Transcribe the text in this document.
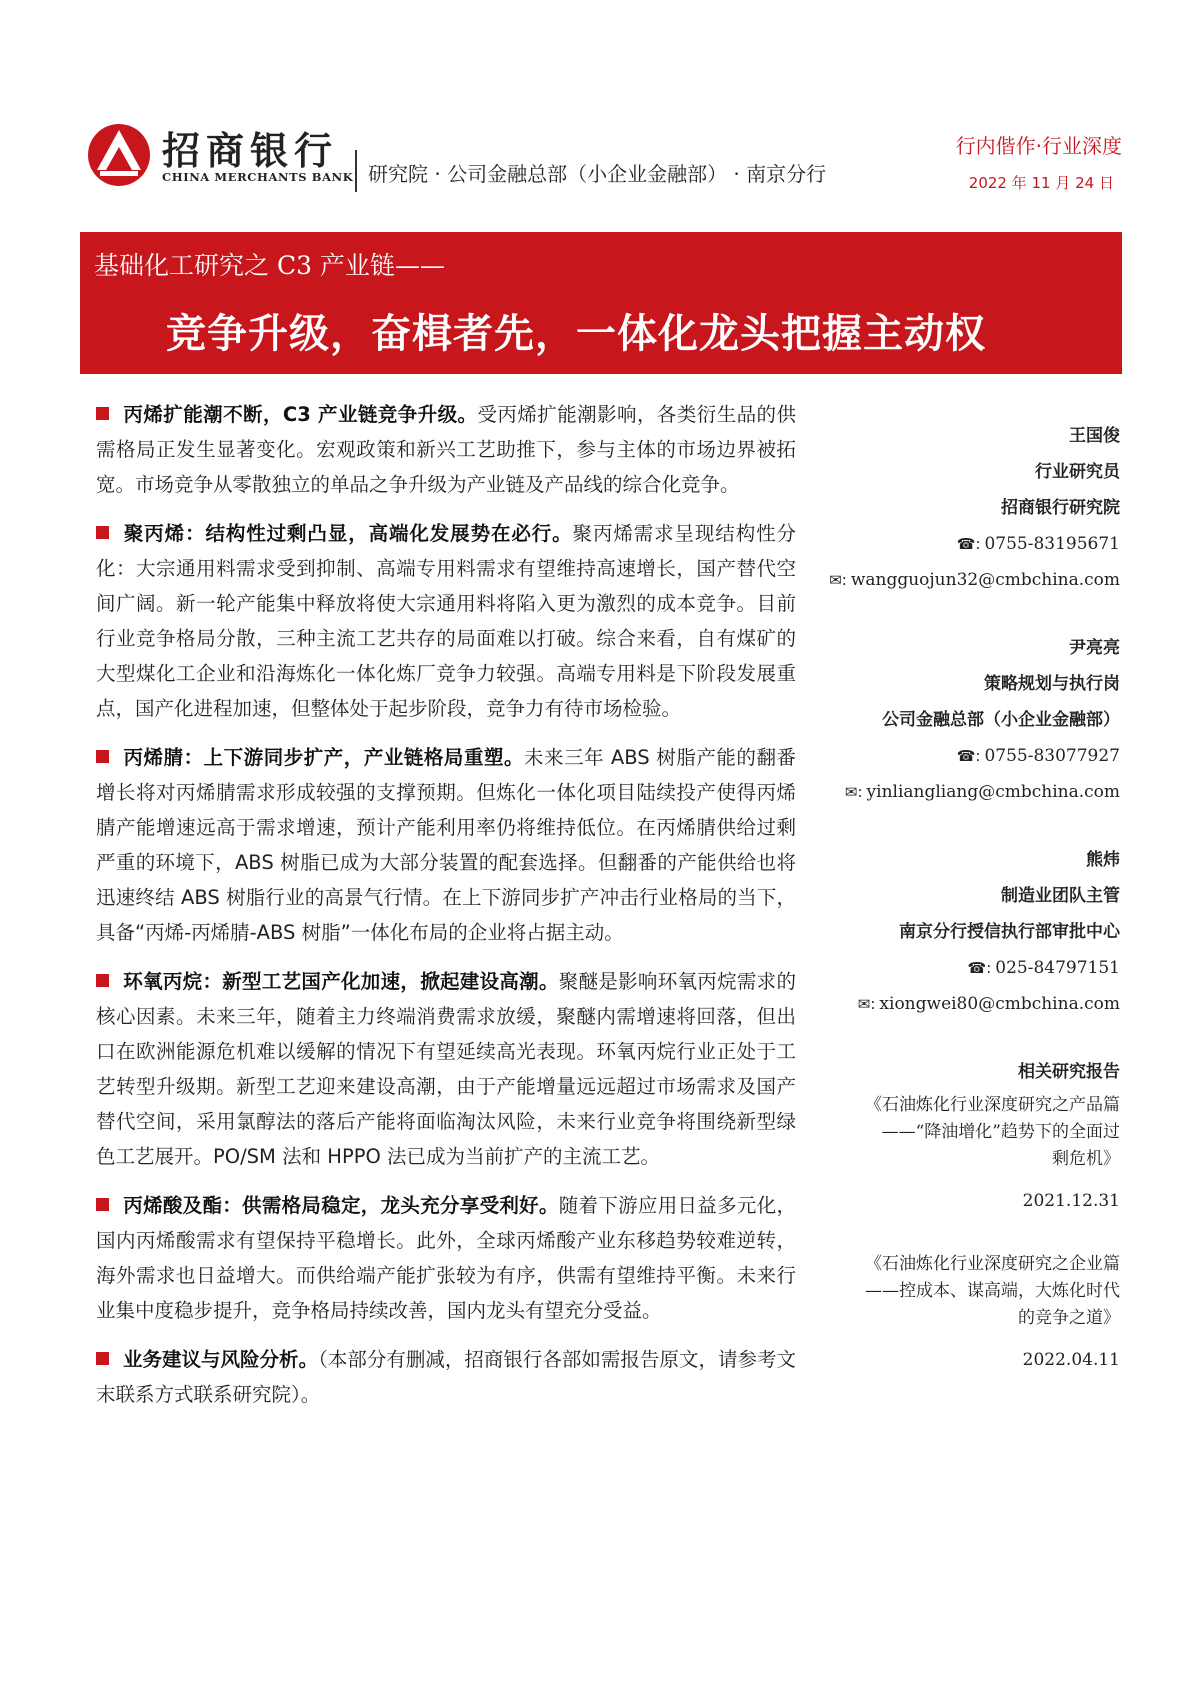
招商银行
CHINA MERCHANTS BANK 研究院 · 公司金融总部（小企业金融部） · 南京分行
行内偕作·行业深度
2022 年 11 月 24 日
基础化工研究之 C3 产业链——
竞争升级，奋楫者先，一体化龙头把握主动权

丙烯扩能潮不断，C3 产业链竞争升级。受丙烯扩能潮影响，各类衍生品的供需格局正发生显著变化。宏观政策和新兴工艺助推下，参与主体的市场边界被拓宽。市场竞争从零散独立的单品之争升级为产业链及产品线的综合化竞争。

聚丙烯：结构性过剩凸显，高端化发展势在必行。聚丙烯需求呈现结构性分化：大宗通用料需求受到抑制、高端专用料需求有望维持高速增长，国产替代空间广阔。新一轮产能集中释放将使大宗通用料将陷入更为激烈的成本竞争。目前行业竞争格局分散，三种主流工艺共存的局面难以打破。综合来看，自有煤矿的大型煤化工企业和沿海炼化一体化炼厂竞争力较强。高端专用料是下阶段发展重点，国产化进程加速，但整体处于起步阶段，竞争力有待市场检验。

丙烯腈：上下游同步扩产，产业链格局重塑。未来三年 ABS 树脂产能的翻番增长将对丙烯腈需求形成较强的支撑预期。但炼化一体化项目陆续投产使得丙烯腈产能增速远高于需求增速，预计产能利用率仍将维持低位。在丙烯腈供给过剩严重的环境下，ABS 树脂已成为大部分装置的配套选择。但翻番的产能供给也将迅速终结 ABS 树脂行业的高景气行情。在上下游同步扩产冲击行业格局的当下，具备“丙烯-丙烯腈-ABS 树脂”一体化布局的企业将占据主动。

环氧丙烷：新型工艺国产化加速，掀起建设高潮。聚醚是影响环氧丙烷需求的核心因素。未来三年，随着主力终端消费需求放缓，聚醚内需增速将回落，但出口在欧洲能源危机难以缓解的情况下有望延续高光表现。环氧丙烷行业正处于工艺转型升级期。新型工艺迎来建设高潮，由于产能增量远远超过市场需求及国产替代空间，采用氯醇法的落后产能将面临淘汰风险，未来行业竞争将围绕新型绿色工艺展开。PO/SM 法和 HPPO 法已成为当前扩产的主流工艺。

丙烯酸及酯：供需格局稳定，龙头充分享受利好。随着下游应用日益多元化，国内丙烯酸需求有望保持平稳增长。此外，全球丙烯酸产业东移趋势较难逆转，海外需求也日益增大。而供给端产能扩张较为有序，供需有望维持平衡。未来行业集中度稳步提升，竞争格局持续改善，国内龙头有望充分受益。

业务建议与风险分析。（本部分有删减，招商银行各部如需报告原文，请参考文末联系方式联系研究院）。

王国俊
行业研究员
招商银行研究院
☎: 0755-83195671
✉: wangguojun32@cmbchina.com
尹亮亮
策略规划与执行岗
公司金融总部（小企业金融部）
☎: 0755-83077927
✉: yinliangliang@cmbchina.com
熊炜
制造业团队主管
南京分行授信执行部审批中心
☎: 025-84797151
✉: xiongwei80@cmbchina.com
相关研究报告
《石油炼化行业深度研究之产品篇
——“降油增化”趋势下的全面过
剩危机》
2021.12.31
《石油炼化行业深度研究之企业篇
——控成本、谋高端，大炼化时代
的竞争之道》
2022.04.11
